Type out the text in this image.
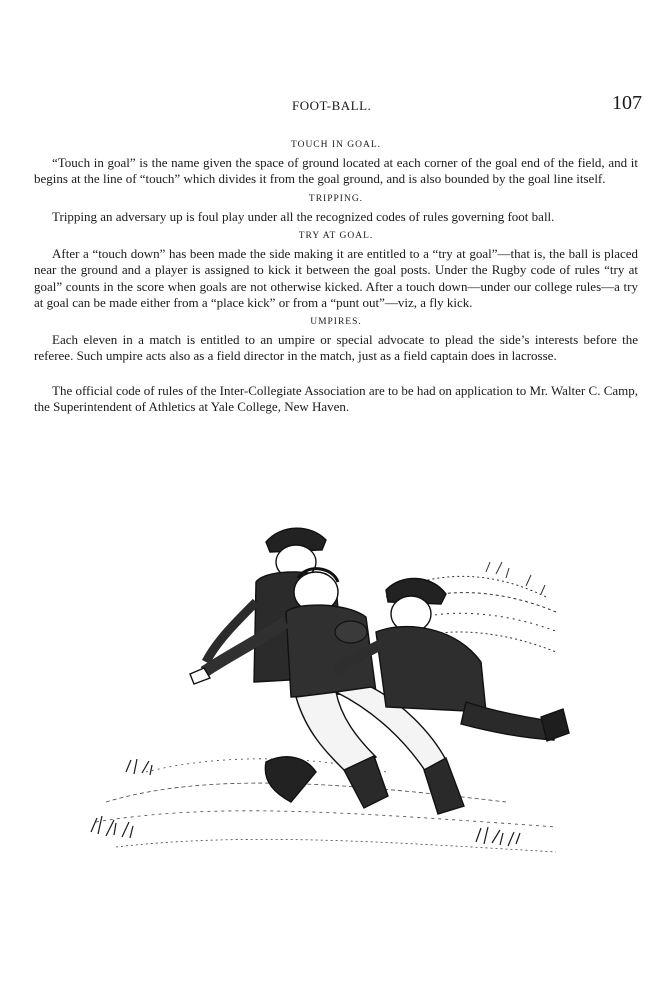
FOOT-BALL.	107
TOUCH IN GOAL.

“Touch in goal” is the name given the space of ground located at each corner of the goal end of the field, and it begins at the line of “touch” which divides it from the goal ground, and is also bounded by the goal line itself.

TRIPPING.

Tripping an adversary up is foul play under all the recognized codes of rules governing foot ball.

TRY AT GOAL.

After a “touch down” has been made the side making it are entitled to a “try at goal”—that is, the ball is placed near the ground and a player is assigned to kick it between the goal posts. Under the Rugby code of rules “try at goal” counts in the score when goals are not otherwise kicked. After a touch down—under our college rules—a try at goal can be made either from a “place kick” or from a “punt out”—viz, a fly kick.

UMPIRES.

Each eleven in a match is entitled to an umpire or special advocate to plead the side’s interests before the referee. Such umpire acts also as a field director in the match, just as a field captain does in lacrosse.

The official code of rules of the Inter-Collegiate Association are to be had on application to Mr. Walter C. Camp, the Superintendent of Athletics at Yale College, New Haven.
